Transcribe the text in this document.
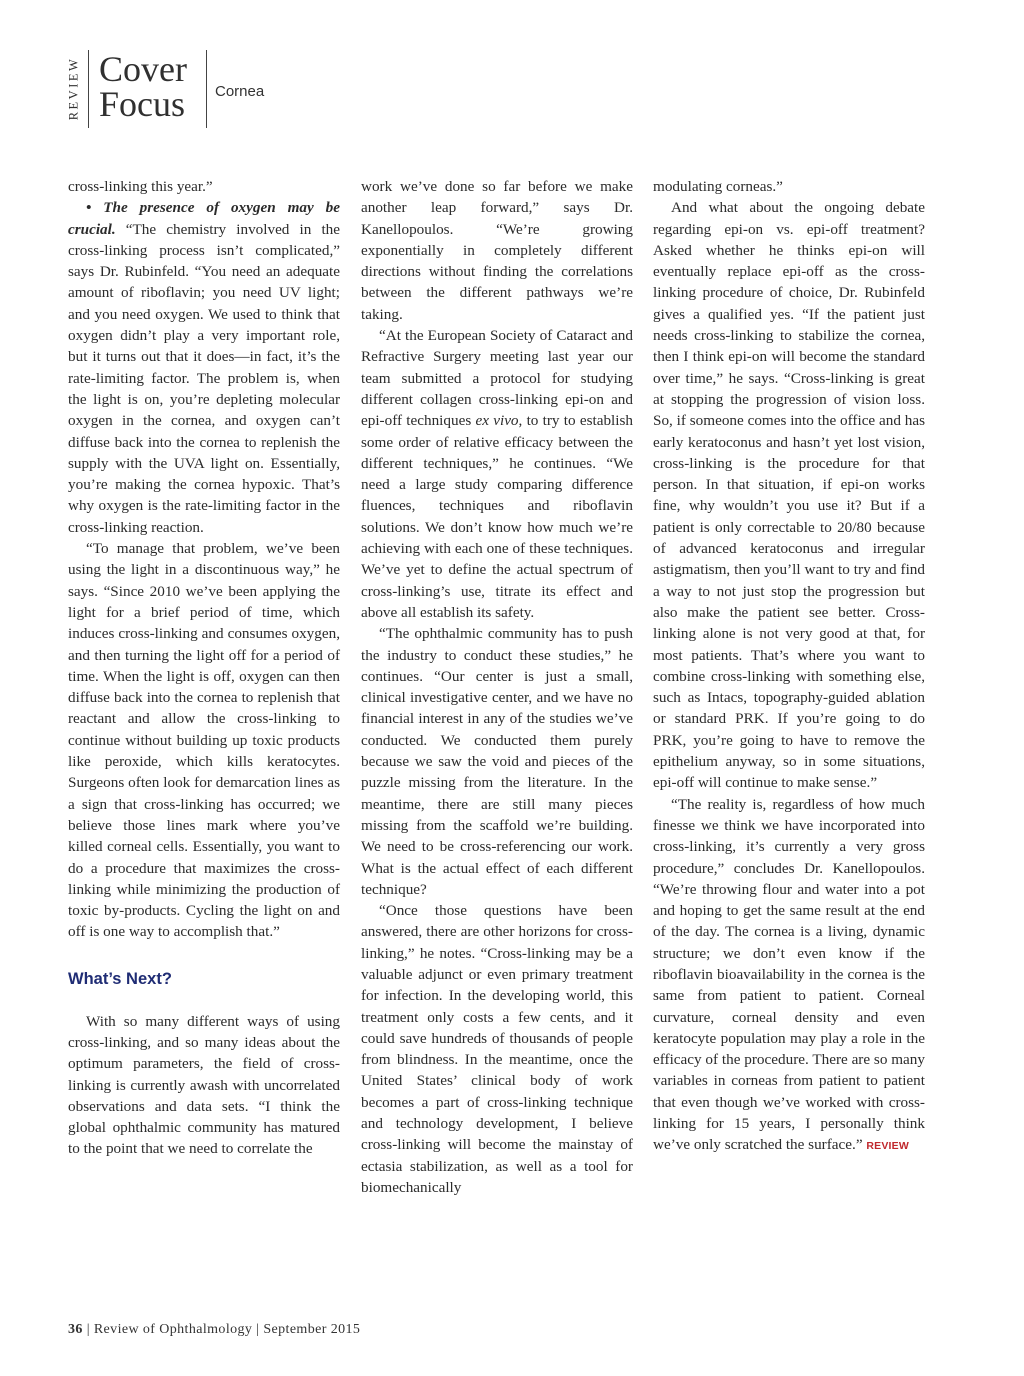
REVIEW Cover
Focus Cornea

cross-linking this year.”

• The presence of oxygen may be crucial. “The chemistry involved in the cross-linking process isn’t complicated,” says Dr. Rubinfeld. “You need an adequate amount of riboflavin; you need UV light; and you need oxygen. We used to think that oxygen didn’t play a very important role, but it turns out that it does—in fact, it’s the rate-limiting factor. The problem is, when the light is on, you’re depleting molecular oxygen in the cornea, and oxygen can’t diffuse back into the cornea to replenish the supply with the UVA light on. Essentially, you’re making the cornea hypoxic. That’s why oxygen is the rate-limiting factor in the cross-linking reaction.

“To manage that problem, we’ve been using the light in a discontinuous way,” he says. “Since 2010 we’ve been applying the light for a brief period of time, which induces cross-linking and consumes oxygen, and then turning the light off for a period of time. When the light is off, oxygen can then diffuse back into the cornea to replenish that reactant and allow the cross-linking to continue without building up toxic products like peroxide, which kills keratocytes. Surgeons often look for demarcation lines as a sign that cross-linking has occurred; we believe those lines mark where you’ve killed corneal cells. Essentially, you want to do a procedure that maximizes the cross-linking while minimizing the production of toxic by-products. Cycling the light on and off is one way to accomplish that.”

What’s Next?

With so many different ways of using cross-linking, and so many ideas about the optimum parameters, the field of cross-linking is currently awash with uncorrelated observations and data sets. “I think the global ophthalmic community has matured to the point that we need to correlate the

work we’ve done so far before we make another leap forward,” says Dr. Kanellopoulos. “We’re growing exponentially in completely different directions without finding the correlations between the different pathways we’re taking.

“At the European Society of Cataract and Refractive Surgery meeting last year our team submitted a protocol for studying different collagen cross-linking epi-on and epi-off techniques ex vivo, to try to establish some order of relative efficacy between the different techniques,” he continues. “We need a large study comparing difference fluences, techniques and riboflavin solutions. We don’t know how much we’re achieving with each one of these techniques. We’ve yet to define the actual spectrum of cross-linking’s use, titrate its effect and above all establish its safety.

“The ophthalmic community has to push the industry to conduct these studies,” he continues. “Our center is just a small, clinical investigative center, and we have no financial interest in any of the studies we’ve conducted. We conducted them purely because we saw the void and pieces of the puzzle missing from the literature. In the meantime, there are still many pieces missing from the scaffold we’re building. We need to be cross-referencing our work. What is the actual effect of each different technique?

“Once those questions have been answered, there are other horizons for cross-linking,” he notes. “Cross-linking may be a valuable adjunct or even primary treatment for infection. In the developing world, this treatment only costs a few cents, and it could save hundreds of thousands of people from blindness. In the meantime, once the United States’ clinical body of work becomes a part of cross-linking technique and technology development, I believe cross-linking will become the mainstay of ectasia stabilization, as well as a tool for biomechanically

modulating corneas.”

And what about the ongoing debate regarding epi-on vs. epi-off treatment? Asked whether he thinks epi-on will eventually replace epi-off as the cross-linking procedure of choice, Dr. Rubinfeld gives a qualified yes. “If the patient just needs cross-linking to stabilize the cornea, then I think epi-on will become the standard over time,” he says. “Cross-linking is great at stopping the progression of vision loss. So, if someone comes into the office and has early keratoconus and hasn’t yet lost vision, cross-linking is the procedure for that person. In that situation, if epi-on works fine, why wouldn’t you use it? But if a patient is only correctable to 20/80 because of advanced keratoconus and irregular astigmatism, then you’ll want to try and find a way to not just stop the progression but also make the patient see better. Cross-linking alone is not very good at that, for most patients. That’s where you want to combine cross-linking with something else, such as Intacs, topography-guided ablation or standard PRK. If you’re going to do PRK, you’re going to have to remove the epithelium anyway, so in some situations, epi-off will continue to make sense.”

“The reality is, regardless of how much finesse we think we have incorporated into cross-linking, it’s currently a very gross procedure,” concludes Dr. Kanellopoulos. “We’re throwing flour and water into a pot and hoping to get the same result at the end of the day. The cornea is a living, dynamic structure; we don’t even know if the riboflavin bioavailability in the cornea is the same from patient to patient. Corneal curvature, corneal density and even keratocyte population may play a role in the efficacy of the procedure. There are so many variables in corneas from patient to patient that even though we’ve worked with cross-linking for 15 years, I personally think we’ve only scratched the surface.” REVIEW

36 | Review of Ophthalmology | September 2015
